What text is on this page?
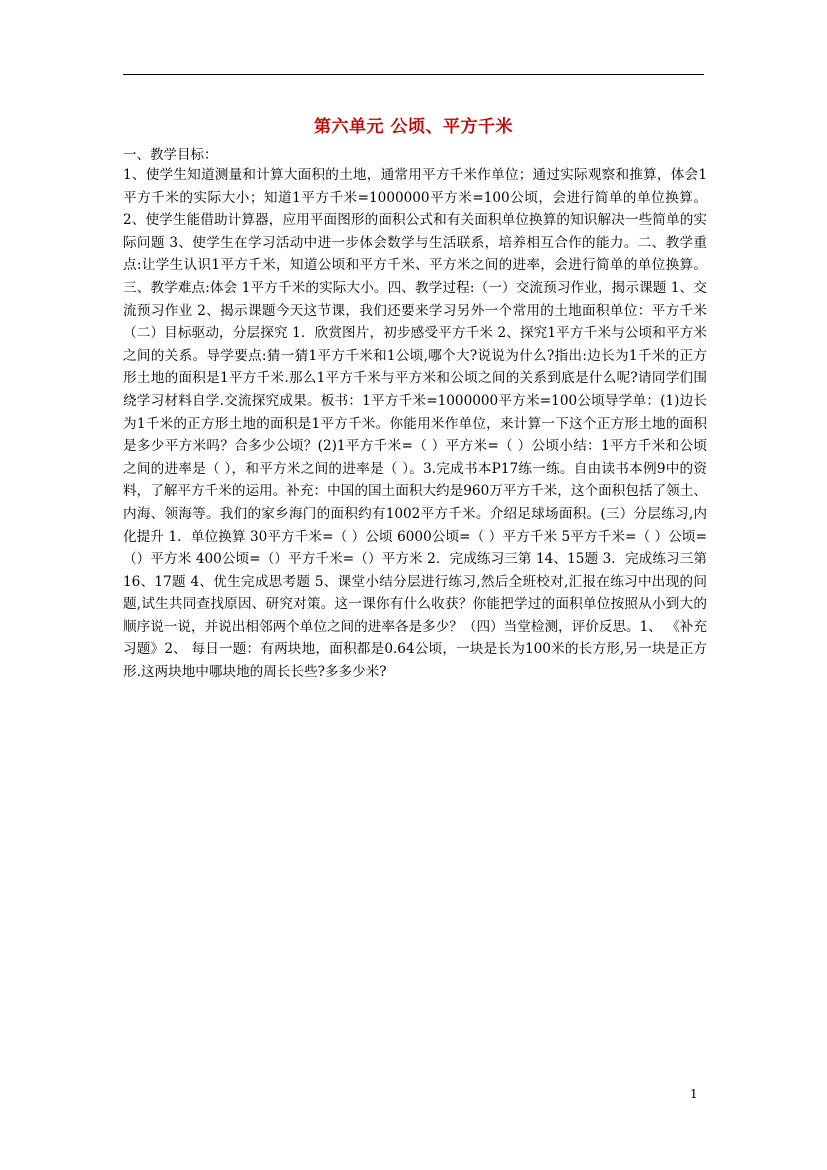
第六单元 公顷、平方千米
一、教学目标：
1、使学生知道测量和计算大面积的土地，通常用平方千米作单位；通过实际观察和推算，体会1平方千米的实际大小；知道1平方千米=1000000平方米=100公顷，会进行简单的单位换算。2、使学生能借助计算器，应用平面图形的面积公式和有关面积单位换算的知识解决一些简单的实际问题 3、使学生在学习活动中进一步体会数学与生活联系，培养相互合作的能力。二、教学重点:让学生认识1平方千米，知道公顷和平方千米、平方米之间的进率，会进行简单的单位换算。三、教学难点:体会 1平方千米的实际大小。四、教学过程:（一）交流预习作业，揭示课题 1、交流预习作业 2、揭示课题今天这节课，我们还要来学习另外一个常用的土地面积单位：平方千米（二）目标驱动，分层探究 1．欣赏图片，初步感受平方千米 2、探究1平方千米与公顷和平方米之间的关系。导学要点:猜一猜1平方千米和1公顷,哪个大?说说为什么?指出:边长为1千米的正方形土地的面积是1平方千米.那么1平方千米与平方米和公顷之间的关系到底是什么呢?请同学们围绕学习材料自学.交流探究成果。板书：1平方千米=1000000平方米=100公顷导学单：(1)边长为1千米的正方形土地的面积是1平方千米。你能用米作单位，来计算一下这个正方形土地的面积是多少平方米吗？合多少公顷？(2)1平方千米=（ ）平方米=（ ）公顷小结：1平方千米和公顷之间的进率是（ ），和平方米之间的进率是（ ）。3.完成书本P17练一练。自由读书本例9中的资料，了解平方千米的运用。补充：中国的国土面积大约是960万平方千米，这个面积包括了领土、内海、领海等。我们的家乡海门的面积约有1002平方千米。介绍足球场面积。(三）分层练习,内化提升 1．单位换算 30平方千米=（ ）公顷 6000公顷=（ ）平方千米 5平方千米=（ ）公顷=（）平方米 400公顷=（）平方千米=（）平方米 2．完成练习三第 14、15题 3．完成练习三第 16、17题 4、优生完成思考题 5、课堂小结分层进行练习,然后全班校对,汇报在练习中出现的问题,试生共同查找原因、研究对策。这一课你有什么收获？你能把学过的面积单位按照从小到大的顺序说一说，并说出相邻两个单位之间的进率各是多少？（四）当堂检测，评价反思。1、 《补充习题》2、 每日一题：有两块地，面积都是0.64公顷，一块是长为100米的长方形,另一块是正方形.这两块地中哪块地的周长长些?多多少米?
1
